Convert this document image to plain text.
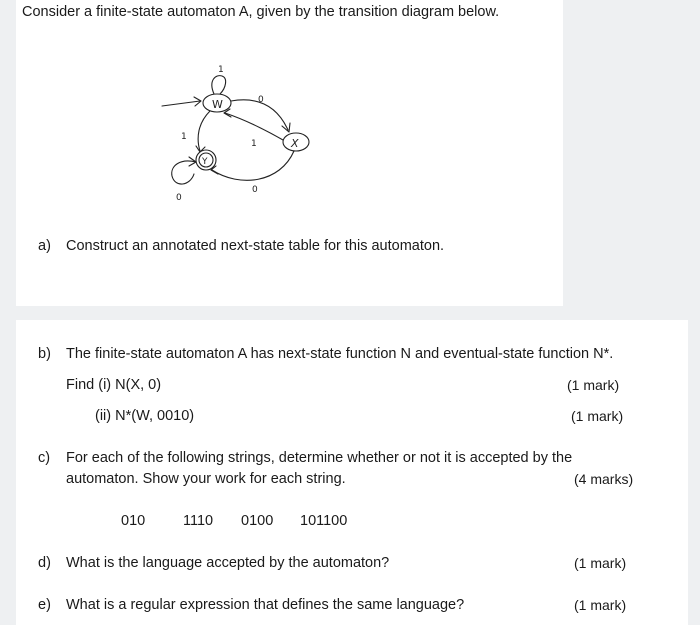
Consider a finite-state automaton A, given by the transition diagram below.
W
1
0
1	X
1
Y
0
0
a) Construct an annotated next-state table for this automaton.
b) The finite-state automaton A has next-state function N and eventual-state function N*.
Find (i) N(X, 0)	(1 mark)
(ii) N*(W, 0010)	(1 mark)
c) For each of the following strings, determine whether or not it is accepted by the
automaton. Show your work for each string.	(4 marks)
010	1110 0100 101100
d) What is the language accepted by the automaton?	(1 mark)
e) What is a regular expression that defines the same language?	(1 mark)
